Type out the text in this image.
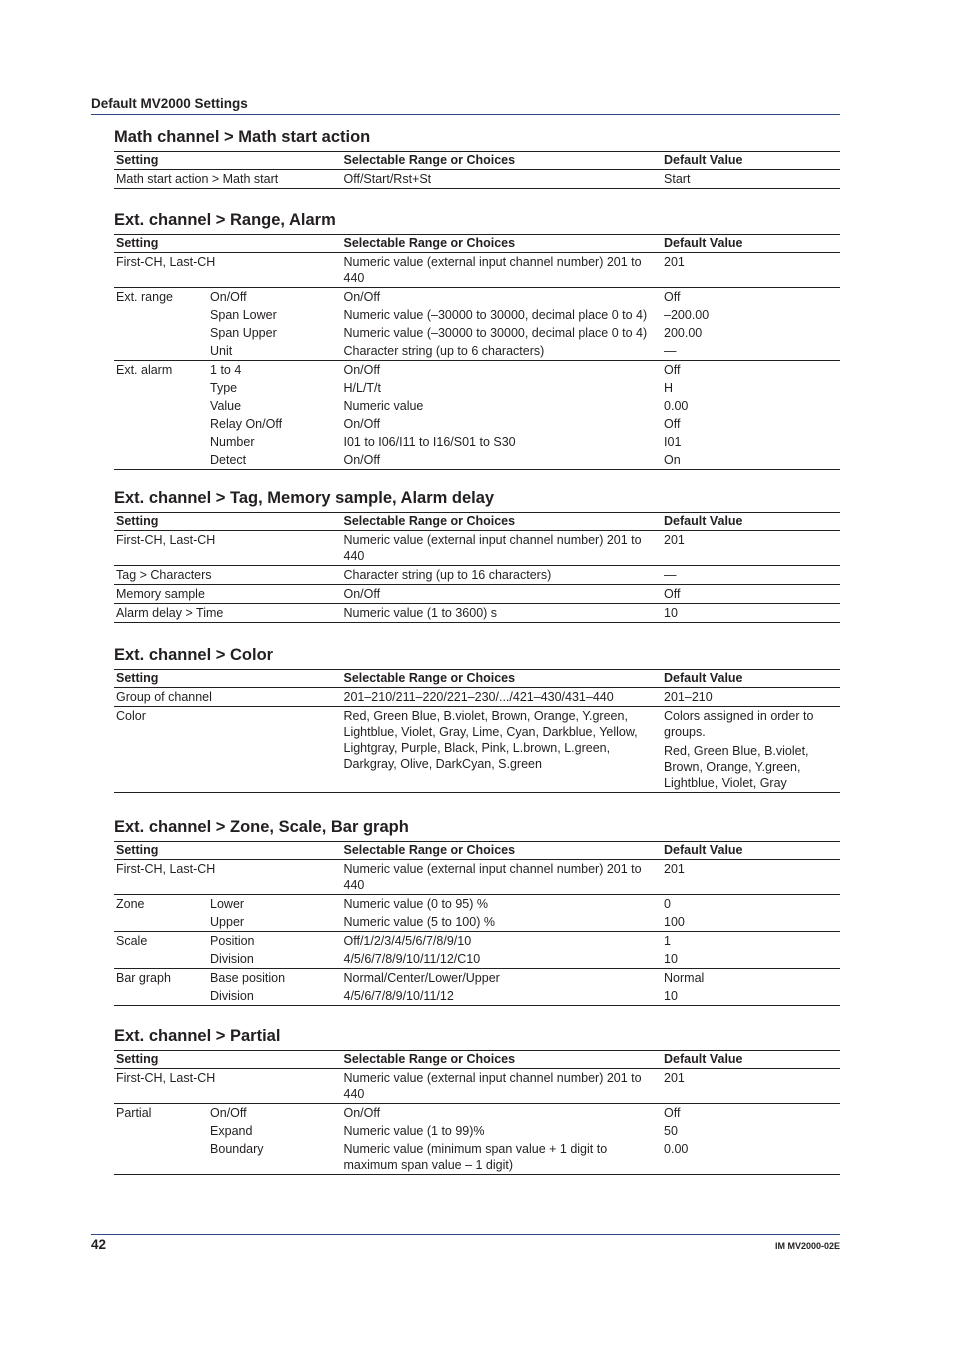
Default MV2000 Settings
Math channel > Math start action
Setting	Selectable Range or Choices	Default Value
Math start action > Math start	Off/Start/Rst+St	Start
Ext. channel > Range, Alarm
Setting		Selectable Range or Choices	Default Value
First-CH, Last-CH		Numeric value (external input channel number) 201 to 440	201
Ext. range	On/Off	On/Off	Off
	Span Lower	Numeric value (–30000 to 30000, decimal place 0 to 4)	–200.00
	Span Upper	Numeric value (–30000 to 30000, decimal place 0 to 4)	200.00
	Unit	Character string (up to 6 characters)	—
Ext. alarm	1 to 4	On/Off	Off
	Type	H/L/T/t	H
	Value	Numeric value	0.00
	Relay On/Off	On/Off	Off
	Number	I01 to I06/I11 to I16/S01 to S30	I01
	Detect	On/Off	On
Ext. channel > Tag, Memory sample, Alarm delay
Setting	Selectable Range or Choices	Default Value
First-CH, Last-CH	Numeric value (external input channel number) 201 to 440	201
Tag > Characters	Character string (up to 16 characters)	—
Memory sample	On/Off	Off
Alarm delay > Time	Numeric value (1 to 3600) s	10
Ext. channel > Color
Setting	Selectable Range or Choices	Default Value
Group of channel	201–210/211–220/221–230/.../421–430/431–440	201–210
Color	Red, Green Blue, B.violet, Brown, Orange, Y.green, Lightblue, Violet, Gray, Lime, Cyan, Darkblue, Yellow, Lightgray, Purple, Black, Pink, L.brown, L.green, Darkgray, Olive, DarkCyan, S.green	Colors assigned in order to groups.
Red, Green Blue, B.violet, Brown, Orange, Y.green, Lightblue, Violet, Gray
Ext. channel > Zone, Scale, Bar graph
Setting		Selectable Range or Choices	Default Value
First-CH, Last-CH		Numeric value (external input channel number) 201 to 440	201
Zone	Lower	Numeric value (0 to 95) %	0
	Upper	Numeric value (5 to 100) %	100
Scale	Position	Off/1/2/3/4/5/6/7/8/9/10	1
	Division	4/5/6/7/8/9/10/11/12/C10	10
Bar graph	Base position	Normal/Center/Lower/Upper	Normal
	Division	4/5/6/7/8/9/10/11/12	10
Ext. channel > Partial
Setting		Selectable Range or Choices	Default Value
First-CH, Last-CH		Numeric value (external input channel number) 201 to 440	201
Partial	On/Off	On/Off	Off
	Expand	Numeric value (1 to 99)%	50
	Boundary	Numeric value (minimum span value + 1 digit to maximum span value – 1 digit)	0.00
42	IM MV2000-02E
